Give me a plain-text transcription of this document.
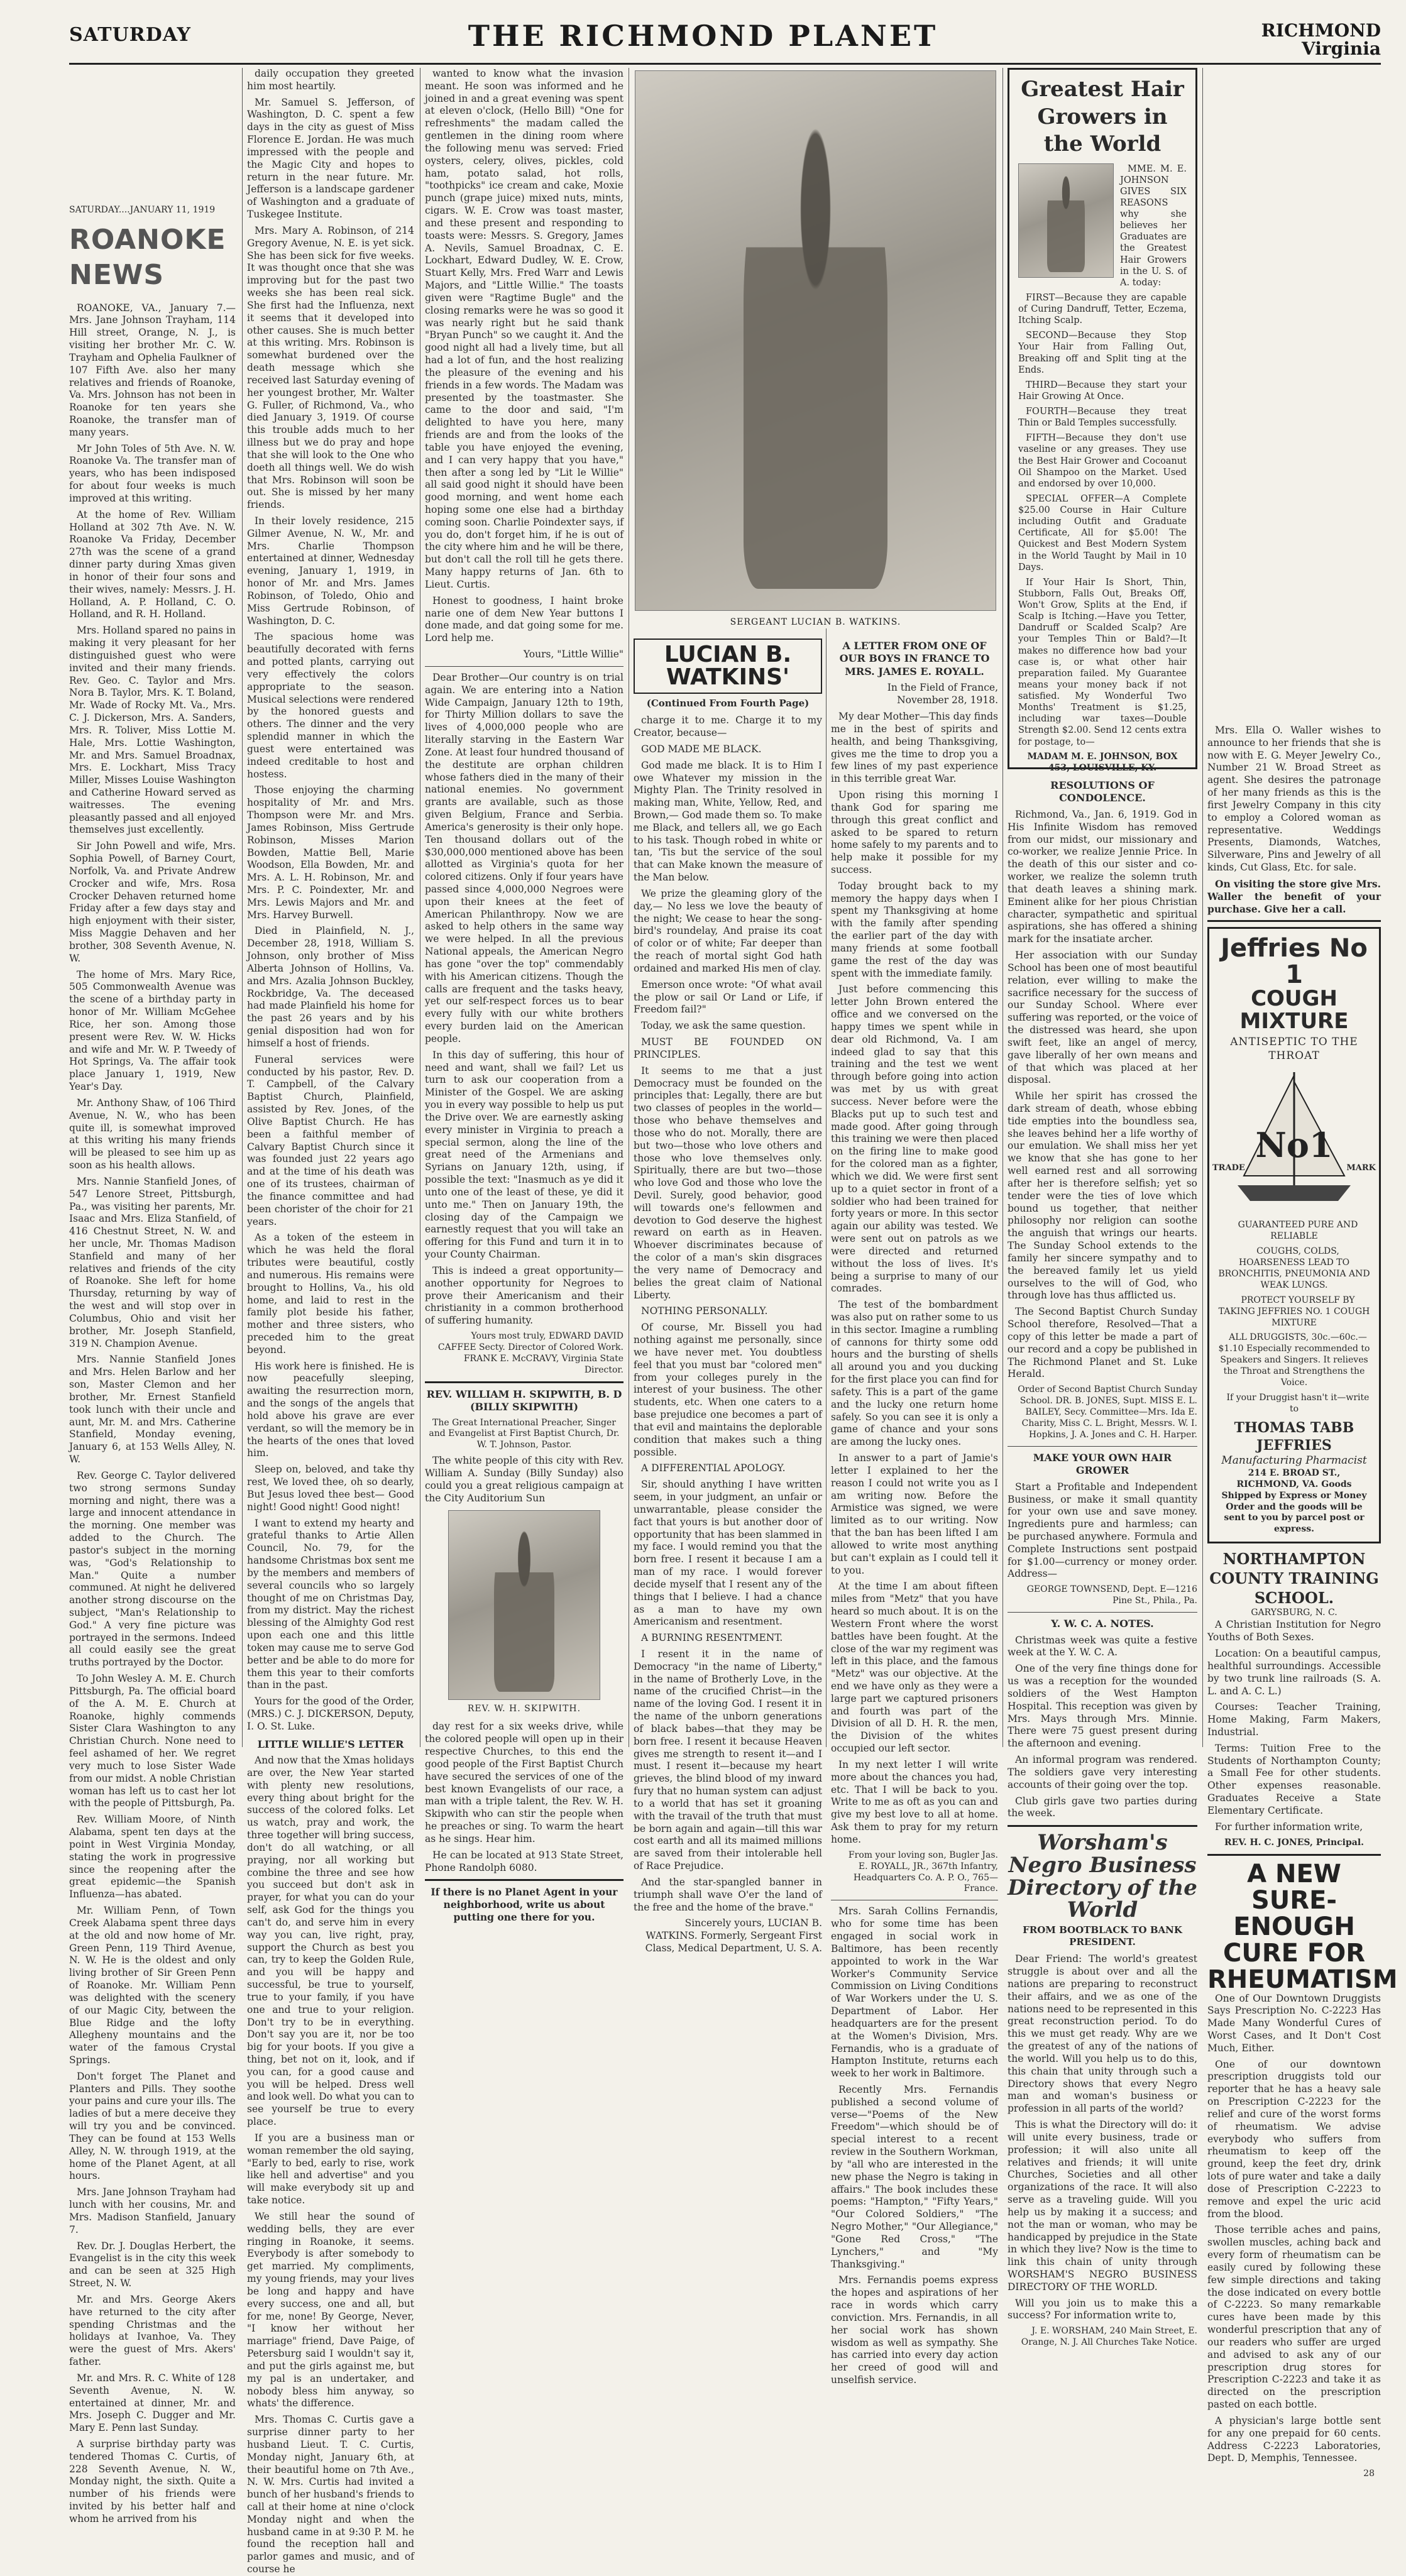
SATURDAY	THE RICHMOND PLANET	RICHMOND
Virginia
SATURDAY....JANUARY 11, 1919
ROANOKE NEWS

ROANOKE, VA., January 7.—Mrs. Jane Johnson Trayham, 114 Hill street, Orange, N. J., is visiting her brother Mr. C. W. Trayham and Ophelia Faulkner of 107 Fifth Ave. also her many relatives and friends of Roanoke, Va. Mrs. Johnson has not been in Roanoke for ten years she Roanoke, the transfer man of many years.

Mr John Toles of 5th Ave. N. W. Roanoke Va. The transfer man of years, who has been indisposed for about four weeks is much improved at this writing.

At the home of Rev. William Holland at 302 7th Ave. N. W. Roanoke Va Friday, December 27th was the scene of a grand dinner party during Xmas given in honor of their four sons and their wives, namely: Messrs. J. H. Holland, A. P. Holland, C. O. Holland, and R. H. Holland.

Mrs. Holland spared no pains in making it very pleasant for her distinguished guest who were invited and their many friends. Rev. Geo. C. Taylor and Mrs. Nora B. Taylor, Mrs. K. T. Boland, Mr. Wade of Rocky Mt. Va., Mrs. C. J. Dickerson, Mrs. A. Sanders, Mrs. R. Toliver, Miss Lottie M. Hale, Mrs. Lottie Washington, Mr. and Mrs. Samuel Broadnax, Mrs. E. Lockhart, Miss Tracy Miller, Misses Louise Washington and Catherine Howard served as waitresses. The evening pleasantly passed and all enjoyed themselves just excellently.

Sir John Powell and wife, Mrs. Sophia Powell, of Barney Court, Norfolk, Va. and Private Andrew Crocker and wife, Mrs. Rosa Crocker Dehaven returned home Friday after a few days stay and high enjoyment with their sister, Miss Maggie Dehaven and her brother, 308 Seventh Avenue, N. W.

The home of Mrs. Mary Rice, 505 Commonwealth Avenue was the scene of a birthday party in honor of Mr. William McGehee Rice, her son. Among those present were Rev. W. W. Hicks and wife and Mr. W. P. Tweedy of Hot Springs, Va. The affair took place January 1, 1919, New Year's Day.

Mr. Anthony Shaw, of 106 Third Avenue, N. W., who has been quite ill, is somewhat improved at this writing his many friends will be pleased to see him up as soon as his health allows.

Mrs. Nannie Stanfield Jones, of 547 Lenore Street, Pittsburgh, Pa., was visiting her parents, Mr. Isaac and Mrs. Eliza Stanfield, of 416 Chestnut Street, N. W. and her uncle, Mr. Thomas Madison Stanfield and many of her relatives and friends of the city of Roanoke. She left for home Thursday, returning by way of the west and will stop over in Columbus, Ohio and visit her brother, Mr. Joseph Stanfield, 319 N. Champion Avenue.

Mrs. Nannie Stanfield Jones and Mrs. Helen Barlow and her son, Master Clemon and her brother, Mr. Ernest Stanfield took lunch with their uncle and aunt, Mr. M. and Mrs. Catherine Stanfield, Monday evening, January 6, at 153 Wells Alley, N. W.

Rev. George C. Taylor delivered two strong sermons Sunday morning and night, there was a large and innocent attendance in the morning. One member was added to the Church. The pastor's subject in the morning was, "God's Relationship to Man." Quite a number communed. At night he delivered another strong discourse on the subject, "Man's Relationship to God." A very fine picture was portrayed in the sermons. Indeed all could easily see the great truths portrayed by the Doctor.

To John Wesley A. M. E. Church Pittsburgh, Pa. The official board of the A. M. E. Church at Roanoke, highly commends Sister Clara Washington to any Christian Church. None need to feel ashamed of her. We regret very much to lose Sister Wade from our midst. A noble Christian woman has left us to cast her lot with the people of Pittsburgh, Pa.

Rev. William Moore, of Ninth Alabama, spent ten days at the point in West Virginia Monday, stating the work in progressive since the reopening after the great epidemic—the Spanish Influenza—has abated.

Mr. William Penn, of Town Creek Alabama spent three days at the old and now home of Mr. Green Penn, 119 Third Avenue, N. W. He is the oldest and only living brother of Sir Green Penn of Roanoke. Mr. William Penn was delighted with the scenery of our Magic City, between the Blue Ridge and the lofty Allegheny mountains and the water of the famous Crystal Springs.

Don't forget The Planet and Planters and Pills. They soothe your pains and cure your ills. The ladies of but a mere deceive they will try you and be convinced. They can be found at 153 Wells Alley, N. W. through 1919, at the home of the Planet Agent, at all hours.

Mrs. Jane Johnson Trayham had lunch with her cousins, Mr. and Mrs. Madison Stanfield, January 7.

Rev. Dr. J. Douglas Herbert, the Evangelist is in the city this week and can be seen at 325 High Street, N. W.

Mr. and Mrs. George Akers have returned to the city after spending Christmas and the holidays at Ivanhoe, Va. They were the guest of Mrs. Akers' father.

Mr. and Mrs. R. C. White of 128 Seventh Avenue, N. W. entertained at dinner, Mr. and Mrs. Joseph C. Dugger and Mr. Mary E. Penn last Sunday.

A surprise birthday party was tendered Thomas C. Curtis, of 228 Seventh Avenue, N. W., Monday night, the sixth. Quite a number of his friends were invited by his better half and whom he arrived from his

daily occupation they greeted him most heartily.

Mr. Samuel S. Jefferson, of Washington, D. C. spent a few days in the city as guest of Miss Florence E. Jordan. He was much impressed with the people and the Magic City and hopes to return in the near future. Mr. Jefferson is a landscape gardener of Washington and a graduate of Tuskegee Institute.

Mrs. Mary A. Robinson, of 214 Gregory Avenue, N. E. is yet sick. She has been sick for five weeks. It was thought once that she was improving but for the past two weeks she has been real sick. She first had the Influenza, next it seems that it developed into other causes. She is much better at this writing. Mrs. Robinson is somewhat burdened over the death message which she received last Saturday evening of her youngest brother, Mr. Walter G. Fuller, of Richmond, Va., who died January 3, 1919. Of course this trouble adds much to her illness but we do pray and hope that she will look to the One who doeth all things well. We do wish that Mrs. Robinson will soon be out. She is missed by her many friends.

In their lovely residence, 215 Gilmer Avenue, N. W., Mr. and Mrs. Charlie Thompson entertained at dinner, Wednesday evening, January 1, 1919, in honor of Mr. and Mrs. James Robinson, of Toledo, Ohio and Miss Gertrude Robinson, of Washington, D. C.

The spacious home was beautifully decorated with ferns and potted plants, carrying out very effectively the colors appropriate to the season. Musical selections were rendered by the honored guests and others. The dinner and the very splendid manner in which the guest were entertained was indeed creditable to host and hostess.

Those enjoying the charming hospitality of Mr. and Mrs. Thompson were Mr. and Mrs. James Robinson, Miss Gertrude Robinson, Misses Marion Bowden, Mattie Bell, Marie Woodson, Ella Bowden, Mr. and Mrs. A. L. H. Robinson, Mr. and Mrs. P. C. Poindexter, Mr. and Mrs. Lewis Majors and Mr. and Mrs. Harvey Burwell.

Died in Plainfield, N. J., December 28, 1918, William S. Johnson, only brother of Miss Alberta Johnson of Hollins, Va. and Mrs. Azalia Johnson Buckley, Rockbridge, Va. The deceased had made Plainfield his home for the past 26 years and by his genial disposition had won for himself a host of friends.

Funeral services were conducted by his pastor, Rev. D. T. Campbell, of the Calvary Baptist Church, Plainfield, assisted by Rev. Jones, of the Olive Baptist Church. He has been a faithful member of Calvary Baptist Church since it was founded just 22 years ago and at the time of his death was one of its trustees, chairman of the finance committee and had been chorister of the choir for 21 years.

As a token of the esteem in which he was held the floral tributes were beautiful, costly and numerous. His remains were brought to Hollins, Va., his old home, and laid to rest in the family plot beside his father, mother and three sisters, who preceded him to the great beyond.

His work here is finished. He is now peacefully sleeping, awaiting the resurrection morn, and the songs of the angels that hold above his grave are ever verdant, so will the memory be in the hearts of the ones that loved him.

Sleep on, beloved, and take thy rest, We loved thee, oh so dearly, But Jesus loved thee best— Good night! Good night! Good night!

I want to extend my hearty and grateful thanks to Artie Allen Council, No. 79, for the handsome Christmas box sent me by the members and members of several councils who so largely thought of me on Christmas Day, from my district. May the richest blessing of the Almighty God rest upon each one and this little token may cause me to serve God better and be able to do more for them this year to their comforts than in the past.

Yours for the good of the Order, (MRS.) C. J. DICKERSON, Deputy, I. O. St. Luke.

LITTLE WILLIE'S LETTER

And now that the Xmas holidays are over, the New Year started with plenty new resolutions, every thing about bright for the success of the colored folks. Let us watch, pray and work, the three together will bring success, don't do all watching, or all praying, nor all working but combine the three and see how you succeed but don't ask in prayer, for what you can do your self, ask God for the things you can't do, and serve him in every way you can, live right, pray, support the Church as best you can, try to keep the Golden Rule, and you will be happy and successful, be true to yourself, true to your family, if you have one and true to your religion. Don't try to be in everything. Don't say you are it, nor be too big for your boots. If you give a thing, bet not on it, look, and if you can, for a good cause and you will be helped. Dress well and look well. Do what you can to see yourself be true to every place.

If you are a business man or woman remember the old saying, "Early to bed, early to rise, work like hell and advertise" and you will make everybody sit up and take notice.

We still hear the sound of wedding bells, they are ever ringing in Roanoke, it seems. Everybody is after somebody to get married. My compliments, my young friends, may your lives be long and happy and have every success, one and all, but for me, none! By George, Never, "I know her without her marriage" friend, Dave Paige, of Petersburg said I wouldn't say it, and put the girls against me, but my pal is an undertaker, and nobody bless him anyway, so whats' the difference.

Mrs. Thomas C. Curtis gave a surprise dinner party to her husband Lieut. T. C. Curtis, Monday night, January 6th, at their beautiful home on 7th Ave., N. W. Mrs. Curtis had invited a bunch of her husband's friends to call at their home at nine o'clock Monday night and when the husband came in at 9:30 P. M. he found the reception hall and parlor games and music, and of course he

wanted to know what the invasion meant. He soon was informed and he joined in and a great evening was spent at eleven o'clock, (Hello Bill) "One for refreshments" the madam called the gentlemen in the dining room where the following menu was served: Fried oysters, celery, olives, pickles, cold ham, potato salad, hot rolls, "toothpicks" ice cream and cake, Moxie punch (grape juice) mixed nuts, mints, cigars. W. E. Crow was toast master, and these present and responding to toasts were: Messrs. S. Gregory, James A. Nevils, Samuel Broadnax, C. E. Lockhart, Edward Dudley, W. E. Crow, Stuart Kelly, Mrs. Fred Warr and Lewis Majors, and "Little Willie." The toasts given were "Ragtime Bugle" and the closing remarks were he was so good it was nearly right but he said thank "Bryan Punch" so we caught it. And the good night all had a lively time, but all had a lot of fun, and the host realizing the pleasure of the evening and his friends in a few words. The Madam was presented by the toastmaster. She came to the door and said, "I'm delighted to have you here, many friends are and from the looks of the table you have enjoyed the evening, and I can very happy that you have," then after a song led by "Lit le Willie" all said good night it should have been good morning, and went home each hoping some one else had a birthday coming soon. Charlie Poindexter says, if you do, don't forget him, if he is out of the city where him and he will be there, but don't call the roll till he gets there. Many happy returns of Jan. 6th to Lieut. Curtis.

Honest to goodness, I haint broke narie one of dem New Year buttons I done made, and dat going some for me. Lord help me.

Yours, "Little Willie"

Dear Brother—Our country is on trial again. We are entering into a Nation Wide Campaign, January 12th to 19th, for Thirty Million dollars to save the lives of 4,000,000 people who are literally starving in the Eastern War Zone. At least four hundred thousand of the destitute are orphan children whose fathers died in the many of their national enemies. No government grants are available, such as those given Belgium, France and Serbia. America's generosity is their only hope. Ten thousand dollars out of the $30,000,000 mentioned above has been allotted as Virginia's quota for her colored citizens. Only if four years have passed since 4,000,000 Negroes were upon their knees at the feet of American Philanthropy. Now we are asked to help others in the same way we were helped. In all the previous National appeals, the American Negro has gone "over the top" commendably with his American citizens. Though the calls are frequent and the tasks heavy, yet our self-respect forces us to bear every fully with our white brothers every burden laid on the American people.

In this day of suffering, this hour of need and want, shall we fail? Let us turn to ask our cooperation from a Minister of the Gospel. We are asking you in every way possible to help us put the Drive over. We are earnestly asking every minister in Virginia to preach a special sermon, along the line of the great need of the Armenians and Syrians on January 12th, using, if possible the text: "Inasmuch as ye did it unto one of the least of these, ye did it unto me." Then on January 19th, the closing day of the Campaign we earnestly request that you will take an offering for this Fund and turn it in to your County Chairman.

This is indeed a great opportunity—another opportunity for Negroes to prove their Americanism and their christianity in a common brotherhood of suffering humanity.

Yours most truly, EDWARD DAVID CAFFEE Secty. Director of Colored Work. FRANK E. McCRAVY, Virginia State Director.

REV. WILLIAM H. SKIPWITH, B. D (BILLY SKIPWITH)

The Great International Preacher, Singer and Evangelist at First Baptist Church, Dr. W. T. Johnson, Pastor.

The white people of this city with Rev. William A. Sunday (Billy Sunday) also could you a great religious campaign at the City Auditorium Sun

REV. W. H. SKIPWITH.

day rest for a six weeks drive, while the colored people will open up in their respective Churches, to this end the good people of the First Baptist Church have secured the services of one of the best known Evangelists of our race, a man with a triple talent, the Rev. W. H. Skipwith who can stir the people when he preaches or sing. To warm the heart as he sings. Hear him.

He can be located at 913 State Street, Phone Randolph 6080.

If there is no Planet Agent in your neighborhood, write us about putting one there for you.

SERGEANT LUCIAN B. WATKINS.
LUCIAN B. WATKINS'
(Continued From Fourth Page)

charge it to me. Charge it to my Creator, because—

GOD MADE ME BLACK.

God made me black. It is to Him I owe Whatever my mission in the Mighty Plan. The Trinity resolved in making man, White, Yellow, Red, and Brown,— God made them so. To make me Black, and tellers all, we go Each to his task. Though robed in white or tan, 'Tis but the service of the soul that can Make known the measure of the Man below.

We prize the gleaming glory of the day,— No less we love the beauty of the night; We cease to hear the song-bird's roundelay, And praise its coat of color or of white; Far deeper than the reach of mortal sight God hath ordained and marked His men of clay.

Emerson once wrote: "Of what avail the plow or sail Or Land or Life, if Freedom fail?"

Today, we ask the same question.

MUST BE FOUNDED ON PRINCIPLES.

It seems to me that a just Democracy must be founded on the principles that: Legally, there are but two classes of peoples in the world—those who behave themselves and those who do not. Morally, there are but two—those who love others and those who love themselves only. Spiritually, there are but two—those who love God and those who love the Devil. Surely, good behavior, good will towards one's fellowmen and devotion to God deserve the highest reward on earth as in Heaven. Whoever discriminates because of the color of a man's skin disgraces the very name of Democracy and belies the great claim of National Liberty.

NOTHING PERSONALLY.

Of course, Mr. Bissell you had nothing against me personally, since we have never met. You doubtless feel that you must bar "colored men" from your colleges purely in the interest of your business. The other students, etc. When one caters to a base prejudice one becomes a part of that evil and maintains the deplorable condition that makes such a thing possible.

A DIFFERENTIAL APOLOGY.

Sir, should anything I have written seem, in your judgment, an unfair or unwarrantable, please consider the fact that yours is but another door of opportunity that has been slammed in my face. I would remind you that the born free. I resent it because I am a man of my race. I would forever decide myself that I resent any of the things that I believe. I had a chance as a man to have my own Americanism and resentment.

A BURNING RESENTMENT.

I resent it in the name of Democracy "in the name of Liberty," in the name of Brotherly Love, in the name of the crucified Christ—in the name of the loving God. I resent it in the name of the unborn generations of black babes—that they may be born free. I resent it because Heaven gives me strength to resent it—and I must. I resent it—because my heart grieves, the blind blood of my inward fury that no human system can adjust to a world that has set it groaning with the travail of the truth that must be born again and again—till this war cost earth and all its maimed millions are saved from their intolerable hell of Race Prejudice.

And the star-spangled banner in triumph shall wave O'er the land of the free and the home of the brave."

Sincerely yours, LUCIAN B. WATKINS. Formerly, Sergeant First Class, Medical Department, U. S. A.

A LETTER FROM ONE OF OUR BOYS IN FRANCE TO MRS. JAMES E. ROYALL.

In the Field of France, November 28, 1918.

My dear Mother—This day finds me in the best of spirits and health, and being Thanksgiving, gives me the time to drop you a few lines of my past experience in this terrible great War.

Upon rising this morning I thank God for sparing me through this great conflict and asked to be spared to return home safely to my parents and to help make it possible for my success.

Today brought back to my memory the happy days when I spent my Thanksgiving at home with the family after spending the earlier part of the day with many friends at some football game the rest of the day was spent with the immediate family.

Just before commencing this letter John Brown entered the office and we conversed on the happy times we spent while in dear old Richmond, Va. I am indeed glad to say that this training and the test we went through before going into action was met by us with great success. Never before were the Blacks put up to such test and made good. After going through this training we were then placed on the firing line to make good for the colored man as a fighter, which we did. We were first sent up to a quiet sector in front of a soldier who had been trained for forty years or more. In this sector again our ability was tested. We were sent out on patrols as we were directed and returned without the loss of lives. It's being a surprise to many of our comrades.

The test of the bombardment was also put on rather some to us in this sector. Imagine a rumbling of cannons for thirty some odd hours and the bursting of shells all around you and you ducking for the first place you can find for safety. This is a part of the game and the lucky one return home safely. So you can see it is only a game of chance and your sons are among the lucky ones.

In answer to a part of Jamie's letter I explained to her the reason I could not write you as I am writing now. Before the Armistice was signed, we were limited as to our writing. Now that the ban has been lifted I am allowed to write most anything but can't explain as I could tell it to you.

At the time I am about fifteen miles from "Metz" that you have heard so much about. It is on the Western Front where the worst battles have been fought. At the close of the war my regiment was left in this place, and the famous "Metz" was our objective. At the end we have only as they were a large part we captured prisoners and fourth was part of the Division of all D. H. R. the men, the Division of the whites occupied our left sector.

In my next letter I will write more about the chances you had, etc. That I will be back to you. Write to me as oft as you can and give my best love to all at home. Ask them to pray for my return home.

From your loving son, Bugler Jas. E. ROYALL, JR., 367th Infantry, Headquarters Co. A. P. O., 765—France.

Mrs. Sarah Collins Fernandis, who for some time has been engaged in social work in Baltimore, has been recently appointed to work in the War Worker's Community Service Commission on Living Conditions of War Workers under the U. S. Department of Labor. Her headquarters are for the present at the Women's Division, Mrs. Fernandis, who is a graduate of Hampton Institute, returns each week to her work in Baltimore.

Recently Mrs. Fernandis published a second volume of verse—"Poems of the New Freedom"—which should be of special interest to a recent review in the Southern Workman, by "all who are interested in the new phase the Negro is taking in affairs." The book includes these poems: "Hampton," "Fifty Years," "Our Colored Soldiers," "The Negro Mother," "Our Allegiance," "Gone Red Cross," "The Lynchers," and "My Thanksgiving."

Mrs. Fernandis poems express the hopes and aspirations of her race in words which carry conviction. Mrs. Fernandis, in all her social work has shown wisdom as well as sympathy. She has carried into every day action her creed of good will and unselfish service.

Greatest Hair Growers in the World

MME. M. E. JOHNSON GIVES SIX REASONS why she believes her Graduates are the Greatest Hair Growers in the U. S. of A. today:

FIRST—Because they are capable of Curing Dandruff, Tetter, Eczema, Itching Scalp.

SECOND—Because they Stop Your Hair from Falling Out, Breaking off and Split ting at the Ends.

THIRD—Because they start your Hair Growing At Once.

FOURTH—Because they treat Thin or Bald Temples successfully.

FIFTH—Because they don't use vaseline or any greases. They use the Best Hair Grower and Cocoanut Oil Shampoo on the Market. Used and endorsed by over 10,000.

SPECIAL OFFER—A Complete $25.00 Course in Hair Culture including Outfit and Graduate Certificate, All for $5.00! The Quickest and Best Modern System in the World Taught by Mail in 10 Days.

If Your Hair Is Short, Thin, Stubborn, Falls Out, Breaks Off, Won't Grow, Splits at the End, if Scalp is Itching.—Have you Tetter, Dandruff or Scalded Scalp? Are your Temples Thin or Bald?—It makes no difference how bad your case is, or what other hair preparation failed. My Guarantee means your money back if not satisfied. My Wonderful Two Months' Treatment is $1.25, including war taxes—Double Strength $2.00. Send 12 cents extra for postage, to—

MADAM M. E. JOHNSON, BOX 453, LOUISVILLE, KY.

RESOLUTIONS OF CONDOLENCE.

Richmond, Va., Jan. 6, 1919. God in His Infinite Wisdom has removed from our midst, our missionary and co-worker, we realize Jennie Price. In the death of this our sister and co-worker, we realize the solemn truth that death leaves a shining mark. Eminent alike for her pious Christian character, sympathetic and spiritual aspirations, she has offered a shining mark for the insatiate archer.

Her association with our Sunday School has been one of most beautiful relation, ever willing to make the sacrifice necessary for the success of our Sunday School. Where ever suffering was reported, or the voice of the distressed was heard, she upon swift feet, like an angel of mercy, gave liberally of her own means and of that which was placed at her disposal.

While her spirit has crossed the dark stream of death, whose ebbing tide empties into the boundless sea, she leaves behind her a life worthy of our emulation. We shall miss her yet we know that she has gone to her well earned rest and all sorrowing after her is therefore selfish; yet so tender were the ties of love which bound us together, that neither philosophy nor religion can soothe the anguish that wrings our hearts. The Sunday School extends to the family her sincere sympathy and to the bereaved family let us yield ourselves to the will of God, who through love has thus afflicted us.

The Second Baptist Church Sunday School therefore, Resolved—That a copy of this letter be made a part of our record and a copy be published in The Richmond Planet and St. Luke Herald.

Order of Second Baptist Church Sunday School. DR. B. JONES, Supt. MISS E. L. BAILEY, Secy. Committee—Mrs. Ida E. Charity, Miss C. L. Bright, Messrs. W. I. Hopkins, J. A. Jones and C. H. Harper.

MAKE YOUR OWN HAIR GROWER

Start a Profitable and Independent Business, or make it small quantity for your own use and save money. Ingredients pure and harmless; can be purchased anywhere. Formula and Complete Instructions sent postpaid for $1.00—currency or money order. Address—

GEORGE TOWNSEND, Dept. E—1216 Pine St., Phila., Pa.

Y. W. C. A. NOTES.

Christmas week was quite a festive week at the Y. W. C. A.

One of the very fine things done for us was a reception for the wounded soldiers of the West Hampton Hospital. This reception was given by Mrs. Mays through Mrs. Minnie. There were 75 guest present during the afternoon and evening.

An informal program was rendered. The soldiers gave very interesting accounts of their going over the top.

Club girls gave two parties during the week.

Worsham's Negro Business Directory of the World
FROM BOOTBLACK TO BANK PRESIDENT.

Dear Friend: The world's greatest struggle is about over and all the nations are preparing to reconstruct their affairs, and we as one of the nations need to be represented in this great reconstruction period. To do this we must get ready. Why are we the greatest of any of the nations of the world. Will you help us to do this, this chain that unity through such a Directory shows that every Negro man and woman's business or profession in all parts of the world?

This is what the Directory will do: it will unite every business, trade or profession; it will also unite all relatives and friends; it will unite Churches, Societies and all other organizations of the race. It will also serve as a traveling guide. Will you help us by making it a success; and not the man or woman, who may be handicapped by prejudice in the State in which they live? Now is the time to link this chain of unity through WORSHAM'S NEGRO BUSINESS DIRECTORY OF THE WORLD.

Will you join us to make this a success? For information write to,

J. E. WORSHAM, 240 Main Street, E. Orange, N. J. All Churches Take Notice.

Mrs. Ella O. Waller wishes to announce to her friends that she is now with E. G. Meyer Jewelry Co., Number 21 W. Broad Street as agent. She desires the patronage of her many friends as this is the first Jewelry Company in this city to employ a Colored woman as representative. Weddings Presents, Diamonds, Watches, Silverware, Pins and Jewelry of all kinds, Cut Glass, Etc. for sale.

On visiting the store give Mrs. Waller the benefit of your purchase. Give her a call.

Jeffries No 1
COUGH MIXTURE
ANTISEPTIC TO THE THROAT
No1
TRADE	MARK

GUARANTEED PURE AND RELIABLE

COUGHS, COLDS, HOARSENESS LEAD TO BRONCHITIS, PNEUMONIA AND WEAK LUNGS.

PROTECT YOURSELF BY TAKING JEFFRIES NO. 1 COUGH MIXTURE

ALL DRUGGISTS, 30c.—60c.—$1.10 Especially recommended to Speakers and Singers. It relieves the Throat and Strengthens the Voice.

If your Druggist hasn't it—write to

THOMAS TABB JEFFRIES
Manufacturing Pharmacist
214 E. BROAD ST., RICHMOND, VA. Goods Shipped by Express or Money Order and the goods will be sent to you by parcel post or express.
NORTHAMPTON COUNTY TRAINING SCHOOL.
GARYSBURG, N. C.

A Christian Institution for Negro Youths of Both Sexes.

Location: On a beautiful campus, healthful surroundings. Accessible by two trunk line railroads (S. A. L. and A. C. L.)

Courses: Teacher Training, Home Making, Farm Makers, Industrial.

Terms: Tuition Free to the Students of Northampton County; a Small Fee for other students. Other expenses reasonable. Graduates Receive a State Elementary Certificate.

For further information write,

REV. H. C. JONES, Principal.

A NEW SURE-ENOUGH CURE FOR RHEUMATISM

One of Our Downtown Druggists Says Prescription No. C-2223 Has Made Many Wonderful Cures of Worst Cases, and It Don't Cost Much, Either.

One of our downtown prescription druggists told our reporter that he has a heavy sale on Prescription C-2223 for the relief and cure of the worst forms of rheumatism. We advise everybody who suffers from rheumatism to keep off the ground, keep the feet dry, drink lots of pure water and take a daily dose of Prescription C-2223 to remove and expel the uric acid from the blood.

Those terrible aches and pains, swollen muscles, aching back and every form of rheumatism can be easily cured by following these few simple directions and taking the dose indicated on every bottle of C-2223. So many remarkable cures have been made by this wonderful prescription that any of our readers who suffer are urged and advised to ask any of our prescription drug stores for Prescription C-2223 and take it as directed on the prescription pasted on each bottle.

A physician's large bottle sent for any one prepaid for 60 cents. Address C-2223 Laboratories, Dept. D, Memphis, Tennessee.

28
